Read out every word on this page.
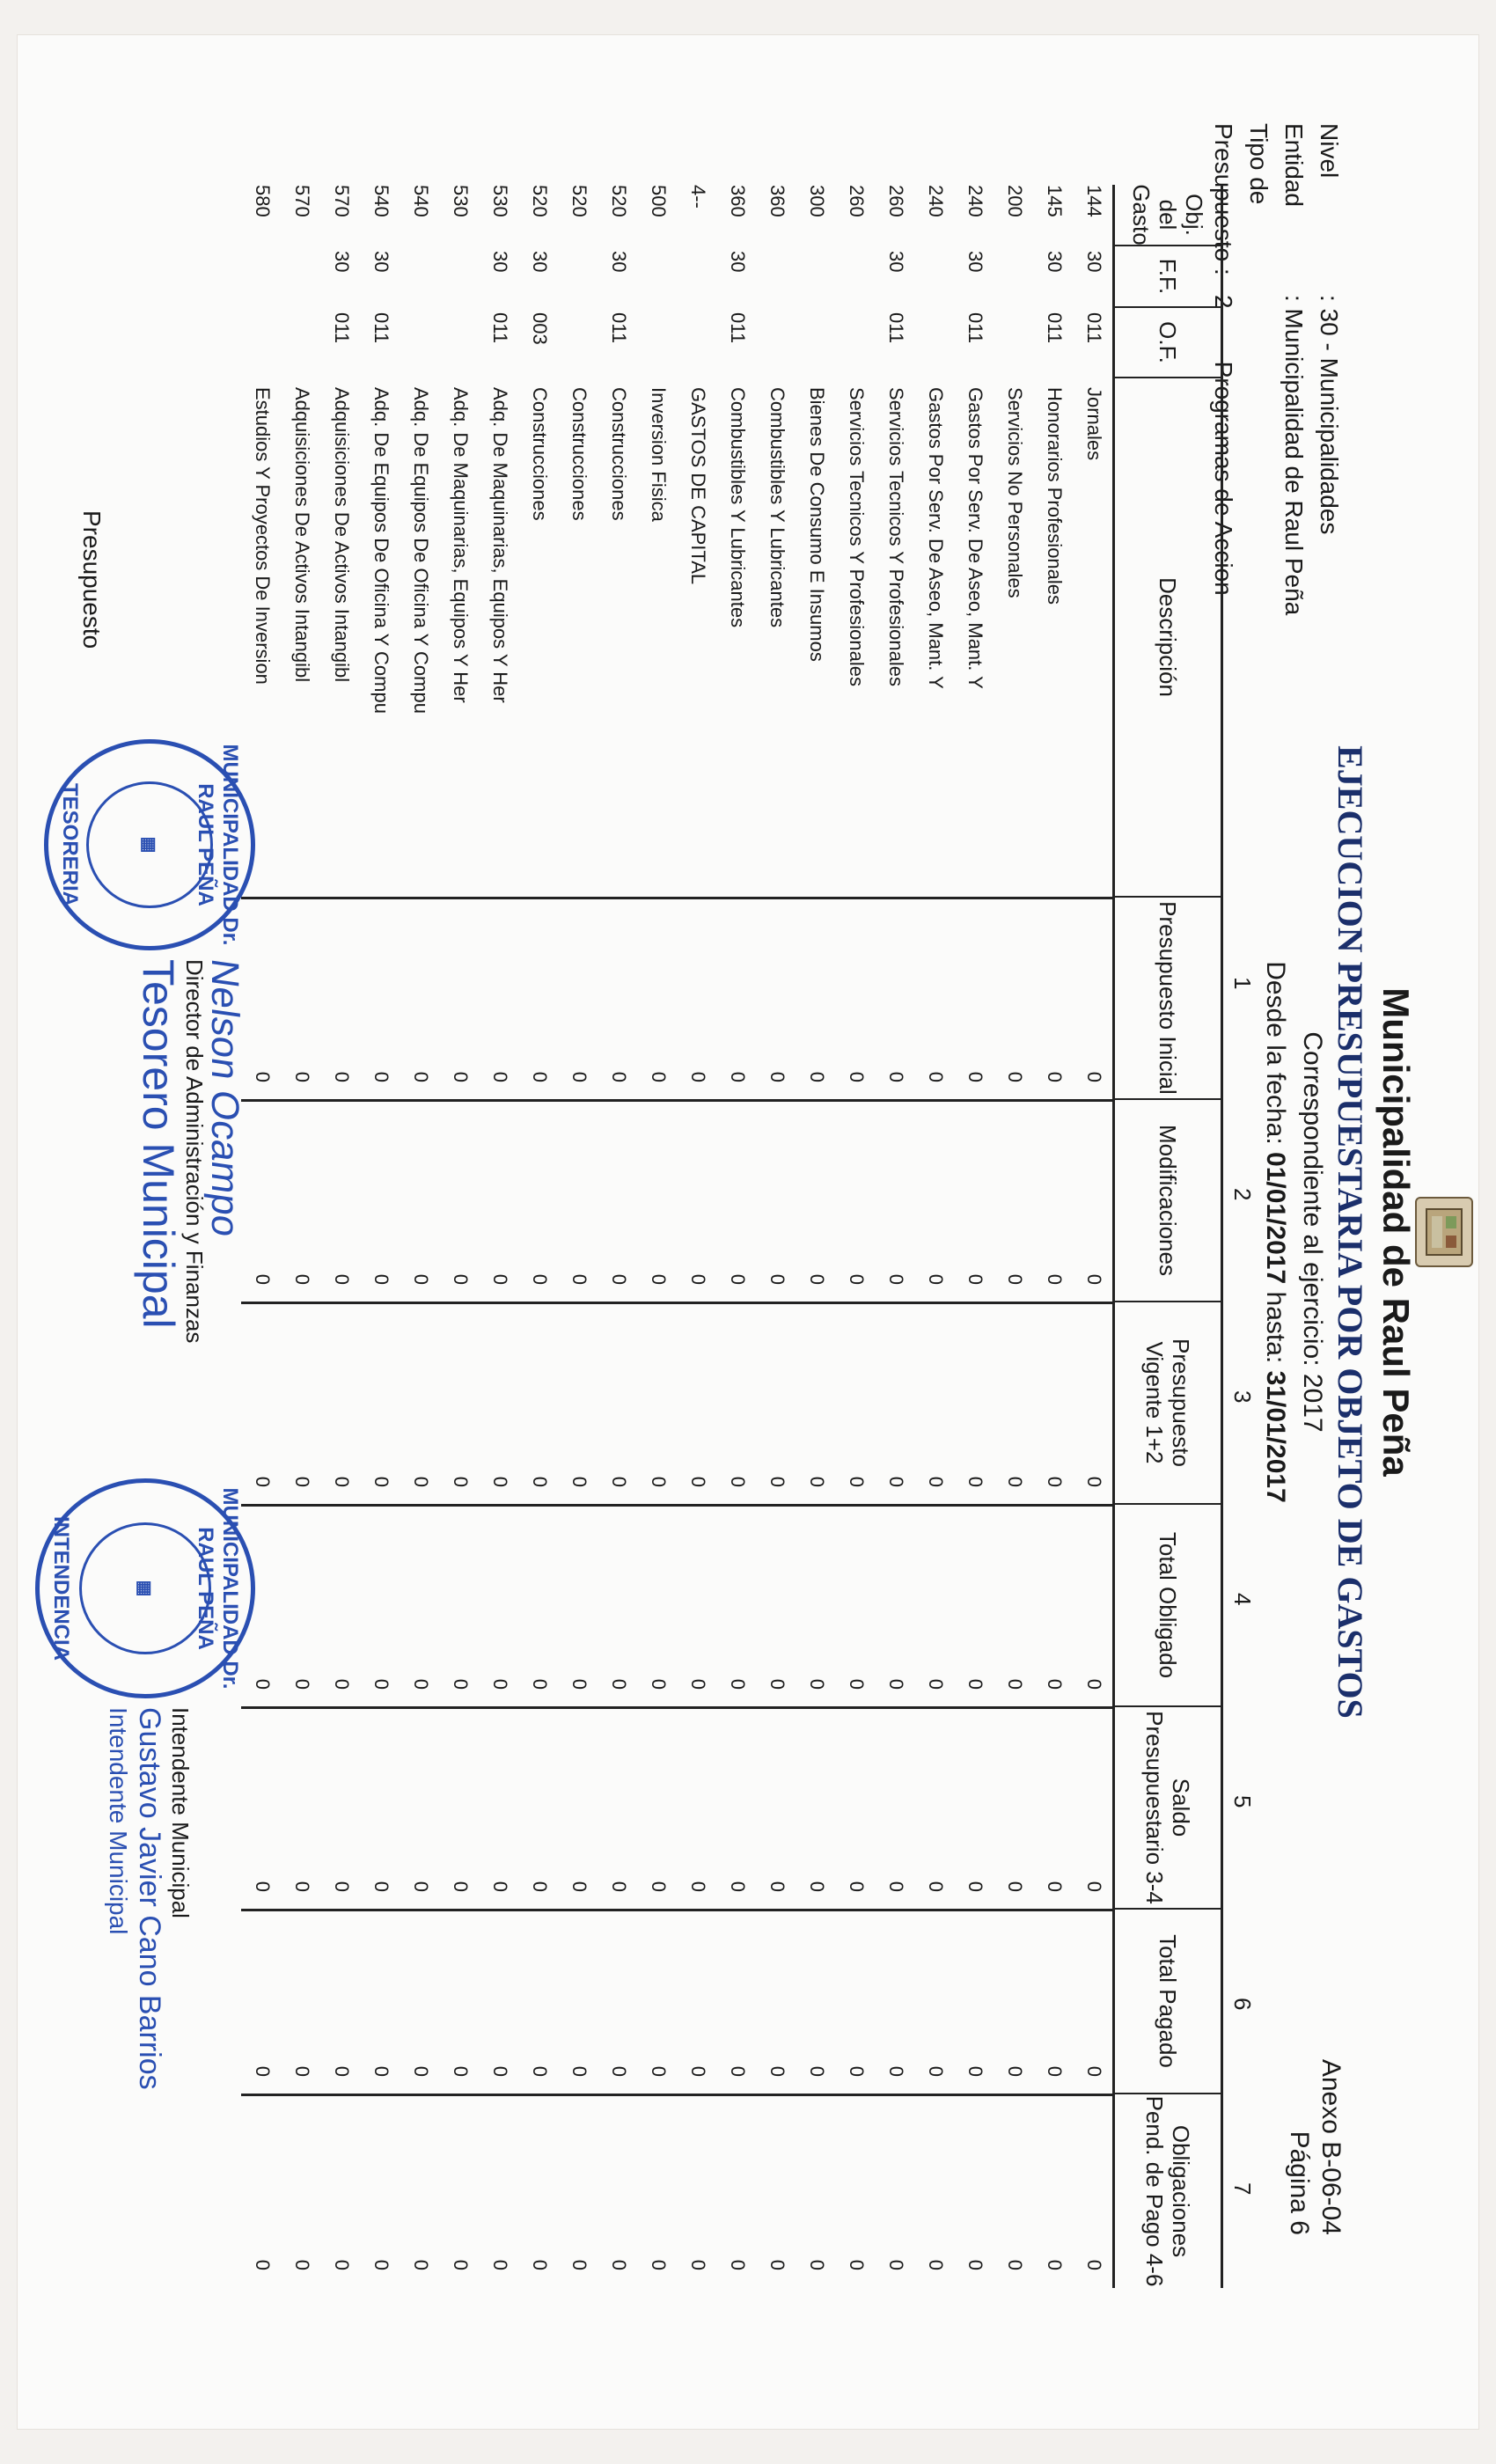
Municipalidad de Raul Peña
EJECUCION PRESUPUESTARIA POR OBJETO DE GASTOS
Correspondiente al ejercicio: 2017
Desde la fecha: 01/01/2017 hasta: 31/01/2017
Anexo B-06-04
Página 6
Nivel: 30 - Municipalidades
Entidad: Municipalidad de Raul Peña
Tipo de Presupuesto :2Programas de Accion
Obj. del Gasto
F.F.
O.F.
Descripción
Presupuesto Inicial
Modificaciones
Presupuesto Vigente 1+2
Total Obligado
Saldo Presupuestario 3-4
Total Pagado
Obligaciones Pend. de Pago 4-6
1
2
3
4
5
6
7
144
30
011
Jornales
0
0
0
0
0
0
0
145
30
011
Honorarios Profesionales
0
0
0
0
0
0
0
200
Servicios No Personales
0
0
0
0
0
0
0
240
30
011
Gastos Por Serv. De Aseo, Mant. Y
0
0
0
0
0
0
0
240
Gastos Por Serv. De Aseo, Mant. Y
0
0
0
0
0
0
0
260
30
011
Servicios Tecnicos Y Profesionales
0
0
0
0
0
0
0
260
Servicios Tecnicos Y Profesionales
0
0
0
0
0
0
0
300
Bienes De Consumo E Insumos
0
0
0
0
0
0
0
360
Combustibles Y Lubricantes
0
0
0
0
0
0
0
360
30
011
Combustibles Y Lubricantes
0
0
0
0
0
0
0
4--
GASTOS DE CAPITAL
0
0
0
0
0
0
0
500
Inversion Fisica
0
0
0
0
0
0
0
520
30
011
Construcciones
0
0
0
0
0
0
0
520
Construcciones
0
0
0
0
0
0
0
520
30
003
Construcciones
0
0
0
0
0
0
0
530
30
011
Adq. De Maquinarias, Equipos Y Her
0
0
0
0
0
0
0
530
Adq. De Maquinarias, Equipos Y Her
0
0
0
0
0
0
0
540
Adq. De Equipos De Oficina Y Compu
0
0
0
0
0
0
0
540
30
011
Adq. De Equipos De Oficina Y Compu
0
0
0
0
0
0
0
570
30
011
Adquisiciones De Activos Intangibl
0
0
0
0
0
0
0
570
Adquisiciones De Activos Intangibl
0
0
0
0
0
0
0
580
Estudios Y Proyectos De Inversion
0
0
0
0
0
0
0
Presupuesto
MUNICIPALIDAD Dr. RAUL PEÑA
▦
TESORERIA
Nelson Ocampo
Director de Administración y Finanzas
Tesorero Municipal
MUNICIPALIDAD Dr. RAUL PEÑA
▦
INTENDENCIA
Intendente Municipal
Gustavo Javier Cano Barrios
Intendente Municipal
